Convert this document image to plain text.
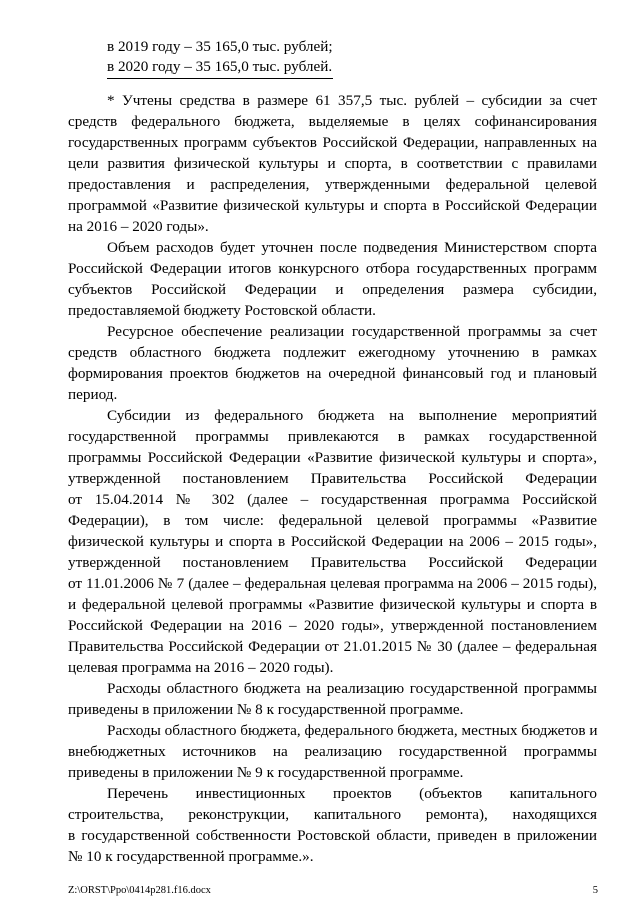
в 2019 году – 35 165,0 тыс. рублей;
в 2020 году – 35 165,0 тыс. рублей.
* Учтены средства в размере 61 357,5 тыс. рублей – субсидии за счет
средств федерального бюджета, выделяемые в целях софинансирования
государственных программ субъектов Российской Федерации, направленных на
цели развития физической культуры и спорта, в соответствии с правилами
предоставления и распределения, утвержденными федеральной целевой
программой «Развитие физической культуры и спорта в Российской Федерации
на 2016 – 2020 годы».
Объем расходов будет уточнен после подведения Министерством спорта
Российской Федерации итогов конкурсного отбора государственных программ
субъектов Российской Федерации и определения размера субсидии,
предоставляемой бюджету Ростовской области.
Ресурсное обеспечение реализации государственной программы за счет
средств областного бюджета подлежит ежегодному уточнению в рамках
формирования проектов бюджетов на очередной финансовый год и плановый
период.
Субсидии из федерального бюджета на выполнение мероприятий
государственной программы привлекаются в рамках государственной
программы Российской Федерации «Развитие физической культуры и спорта»,
утвержденной постановлением Правительства Российской Федерации
от 15.04.2014 № 302 (далее – государственная программа Российской
Федерации), в том числе: федеральной целевой программы «Развитие
физической культуры и спорта в Российской Федерации на 2006 – 2015 годы»,
утвержденной постановлением Правительства Российской Федерации
от 11.01.2006 № 7 (далее – федеральная целевая программа на 2006 – 2015 годы),
и федеральной целевой программы «Развитие физической культуры и спорта в
Российской Федерации на 2016 – 2020 годы», утвержденной постановлением
Правительства Российской Федерации от 21.01.2015 № 30 (далее – федеральная
целевая программа на 2016 – 2020 годы).
Расходы областного бюджета на реализацию государственной программы
приведены в приложении № 8 к государственной программе.
Расходы областного бюджета, федерального бюджета, местных бюджетов и
внебюджетных источников на реализацию государственной программы
приведены в приложении № 9 к государственной программе.
Перечень инвестиционных проектов (объектов капитального
строительства, реконструкции, капитального ремонта), находящихся
в государственной собственности Ростовской области, приведен в приложении
№ 10 к государственной программе.».
Z:\ORST\Ppo\0414p281.f16.docx	5
